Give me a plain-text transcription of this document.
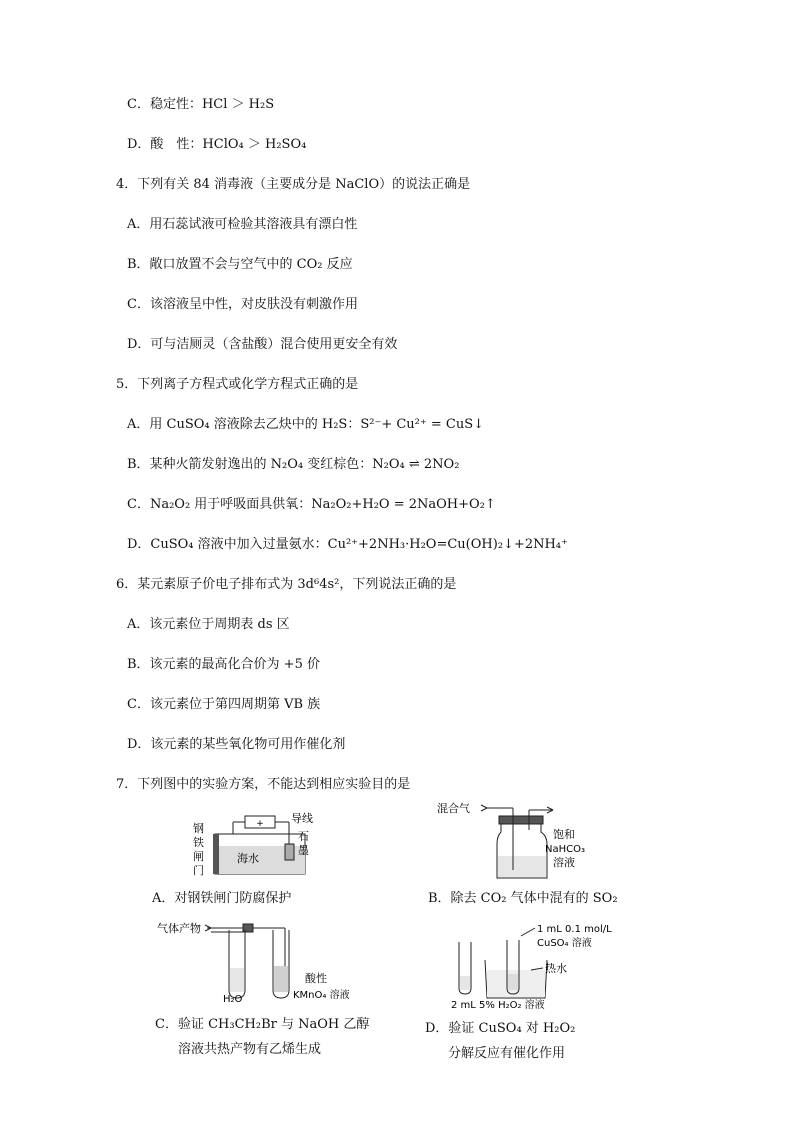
C．稳定性：HCl ＞ H₂S
D．酸　性：HClO₄ ＞ H₂SO₄
4．下列有关 84 消毒液（主要成分是 NaClO）的说法正确是
A．用石蕊试液可检验其溶液具有漂白性
B．敞口放置不会与空气中的 CO₂ 反应
C．该溶液呈中性，对皮肤没有刺激作用
D．可与洁厕灵（含盐酸）混合使用更安全有效
5．下列离子方程式或化学方程式正确的是
A．用 CuSO₄ 溶液除去乙炔中的 H₂S：S²⁻+ Cu²⁺ = CuS↓
B．某种火箭发射逸出的 N₂O₄ 变红棕色：N₂O₄ ⇌ 2NO₂
C．Na₂O₂ 用于呼吸面具供氧：Na₂O₂+H₂O = 2NaOH+O₂↑
D．CuSO₄ 溶液中加入过量氨水：Cu²⁺+2NH₃·H₂O=Cu(OH)₂↓+2NH₄⁺
6．某元素原子价电子排布式为 3d⁶4s²，下列说法正确的是
A．该元素位于周期表 ds 区
B．该元素的最高化合价为 +5 价
C．该元素位于第四周期第 VB 族
D．该元素的某些氧化物可用作催化剂
7．下列图中的实验方案，不能达到相应实验目的是
+
钢
铁
闸
门
导线
石
墨
海水
A．对钢铁闸门防腐保护
混合气
饱和
NaHCO₃
溶液
B．除去 CO₂ 气体中混有的 SO₂
气体产物
H₂O
酸性
KMnO₄ 溶液
C．验证 CH₃CH₂Br 与 NaOH 乙醇
溶液共热产物有乙烯生成
1 mL 0.1 mol/L
CuSO₄ 溶液
热水
2 mL 5% H₂O₂ 溶液
D．验证 CuSO₄ 对 H₂O₂
分解反应有催化作用
